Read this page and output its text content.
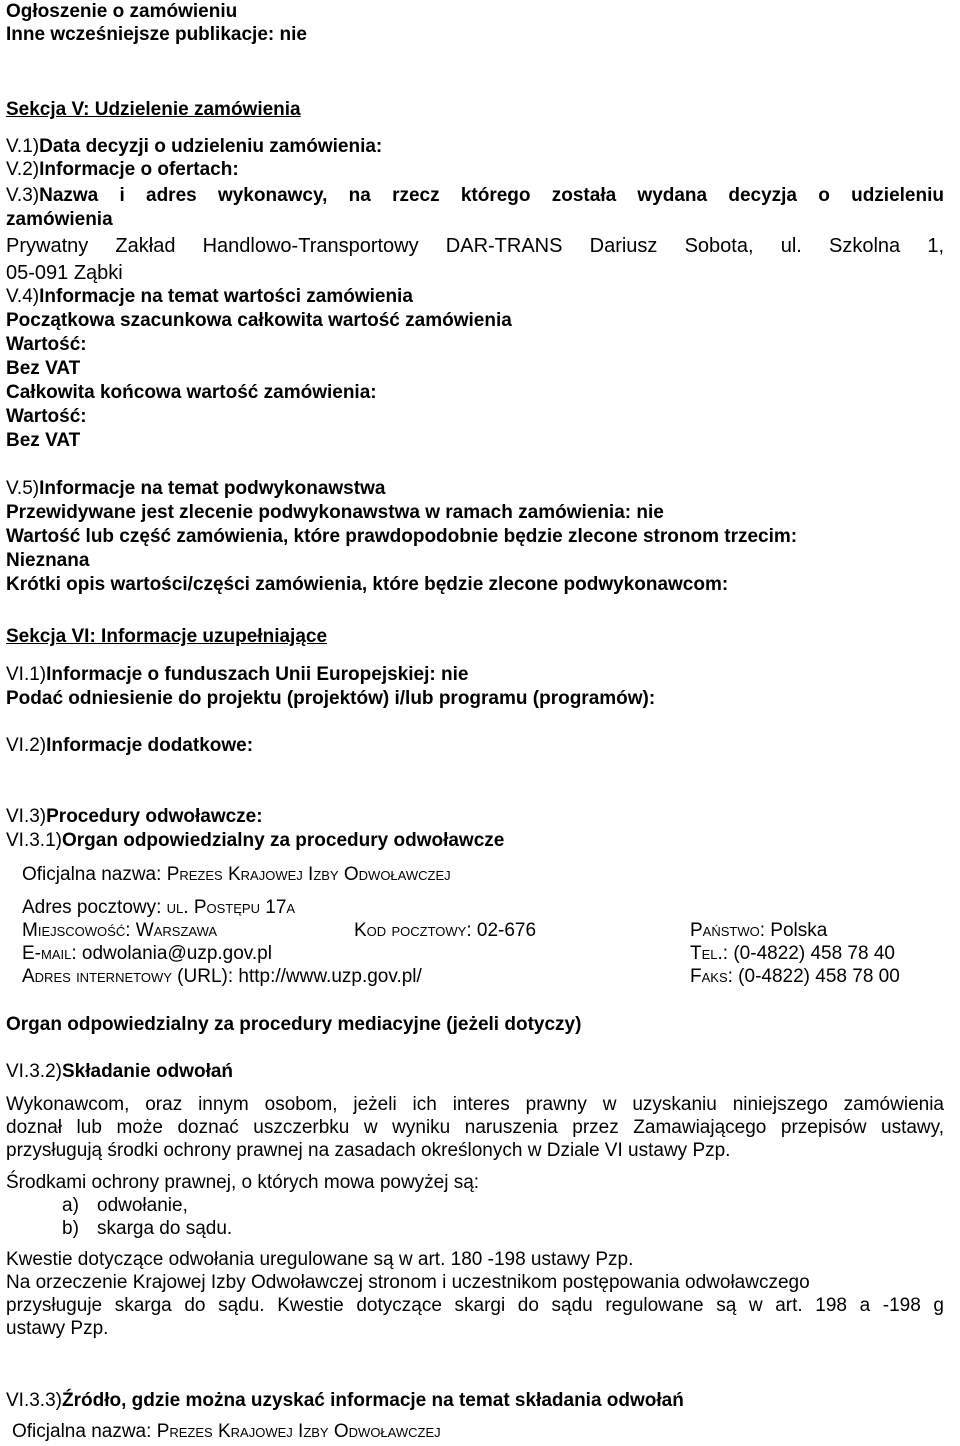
Ogłoszenie o zamówieniu
Inne wcześniejsze publikacje: nie
Sekcja V: Udzielenie zamówienia
V.1)Data decyzji o udzieleniu zamówienia:
V.2)Informacje o ofertach:
V.3)Nazwa i adres wykonawcy, na rzecz którego została wydana decyzja o udzieleniu
zamówienia
Prywatny Zakład Handlowo-Transportowy DAR-TRANS Dariusz Sobota, ul. Szkolna 1,
05-091 Ząbki
V.4)Informacje na temat wartości zamówienia
Początkowa szacunkowa całkowita wartość zamówienia
Wartość:
Bez VAT
Całkowita końcowa wartość zamówienia:
Wartość:
Bez VAT
V.5)Informacje na temat podwykonawstwa
Przewidywane jest zlecenie podwykonawstwa w ramach zamówienia: nie
Wartość lub część zamówienia, które prawdopodobnie będzie zlecone stronom trzecim:
Nieznana
Krótki opis wartości/części zamówienia, które będzie zlecone podwykonawcom:
Sekcja VI: Informacje uzupełniające
VI.1)Informacje o funduszach Unii Europejskiej: nie
Podać odniesienie do projektu (projektów) i/lub programu (programów):
VI.2)Informacje dodatkowe:
VI.3)Procedury odwoławcze:
VI.3.1)Organ odpowiedzialny za procedury odwoławcze
Oficjalna nazwa: Prezes Krajowej Izby Odwoławczej
Adres pocztowy: ul. Postępu 17a
Miejscowość: Warszawa	Kod pocztowy: 02-676	Państwo: Polska
E-mail: odwolania@uzp.gov.pl	Tel.: (0-4822) 458 78 40
Adres internetowy (URL): http://www.uzp.gov.pl/	Faks: (0-4822) 458 78 00
Organ odpowiedzialny za procedury mediacyjne (jeżeli dotyczy)
VI.3.2)Składanie odwołań
Wykonawcom, oraz innym osobom, jeżeli ich interes prawny w uzyskaniu niniejszego zamówienia
doznał lub może doznać uszczerbku w wyniku naruszenia przez Zamawiającego przepisów ustawy,
przysługują środki ochrony prawnej na zasadach określonych w Dziale VI ustawy Pzp.
Środkami ochrony prawnej, o których mowa powyżej są:
a) odwołanie,
b) skarga do sądu.
Kwestie dotyczące odwołania uregulowane są w art. 180 -198 ustawy Pzp.
Na orzeczenie Krajowej Izby Odwoławczej stronom i uczestnikom postępowania odwoławczego
przysługuje skarga do sądu. Kwestie dotyczące skargi do sądu regulowane są w art. 198 a -198 g
ustawy Pzp.
VI.3.3)Źródło, gdzie można uzyskać informacje na temat składania odwołań
Oficjalna nazwa: Prezes Krajowej Izby Odwoławczej
